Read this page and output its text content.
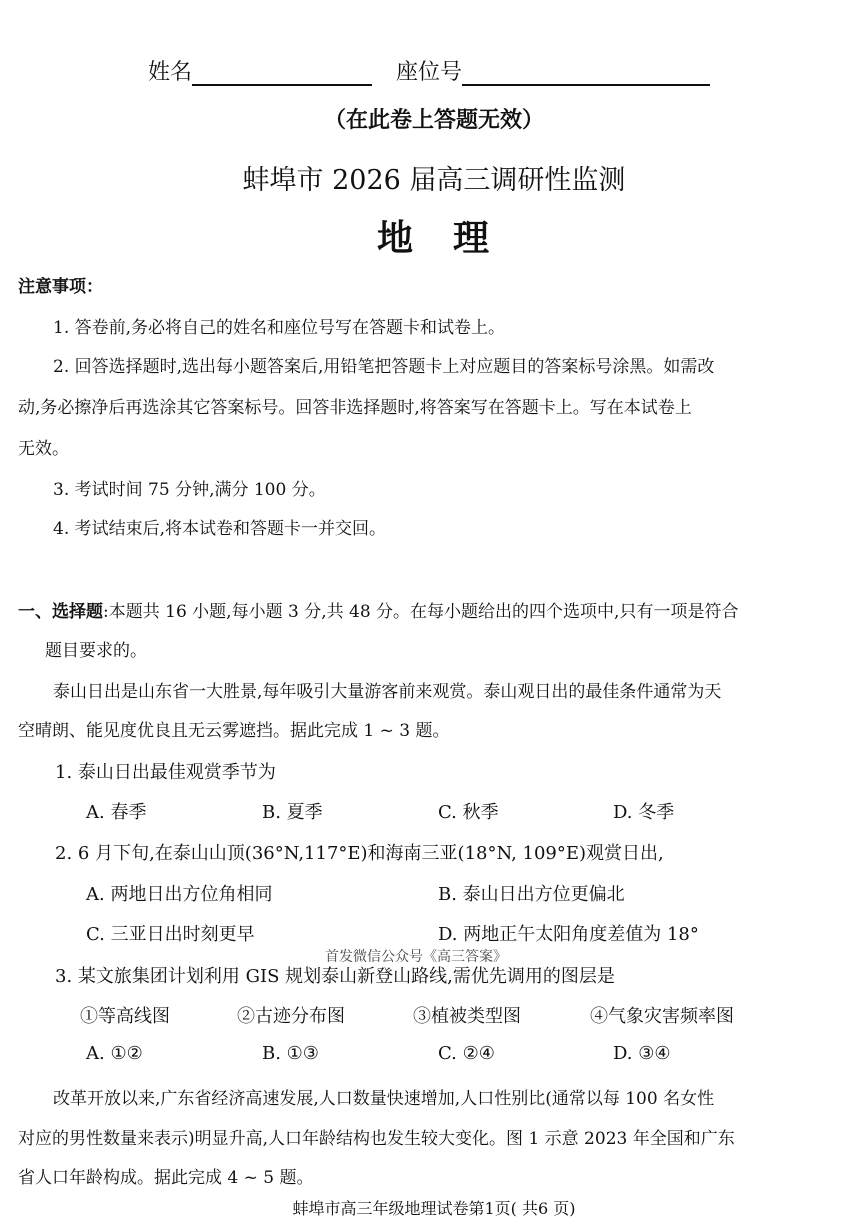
姓名	座位号
（在此卷上答题无效）
蚌埠市 2026 届高三调研性监测
地　理
注意事项：
1. 答卷前,务必将自己的姓名和座位号写在答题卡和试卷上。
2. 回答选择题时,选出每小题答案后,用铅笔把答题卡上对应题目的答案标号涂黑。如需改
动,务必擦净后再选涂其它答案标号。回答非选择题时,将答案写在答题卡上。写在本试卷上
无效。
3. 考试时间 75 分钟,满分 100 分。
4. 考试结束后,将本试卷和答题卡一并交回。
一、选择题:本题共 16 小题,每小题 3 分,共 48 分。在每小题给出的四个选项中,只有一项是符合
题目要求的。
泰山日出是山东省一大胜景,每年吸引大量游客前来观赏。泰山观日出的最佳条件通常为天
空晴朗、能见度优良且无云雾遮挡。据此完成 1 ~ 3 题。
1. 泰山日出最佳观赏季节为
A. 春季	B. 夏季	C. 秋季	D. 冬季
2. 6 月下旬,在泰山山顶(36°N,117°E)和海南三亚(18°N, 109°E)观赏日出,
A. 两地日出方位角相同	B. 泰山日出方位更偏北
C. 三亚日出时刻更早	D. 两地正午太阳角度差值为 18°
首发微信公众号《高三答案》
3. 某文旅集团计划利用 GIS 规划泰山新登山路线,需优先调用的图层是
①等高线图	②古迹分布图	③植被类型图	④气象灾害频率图
A. ①②	B. ①③	C. ②④	D. ③④
改革开放以来,广东省经济高速发展,人口数量快速增加,人口性别比(通常以每 100 名女性
对应的男性数量来表示)明显升高,人口年龄结构也发生较大变化。图 1 示意 2023 年全国和广东
省人口年龄构成。据此完成 4 ~ 5 题。
蚌埠市高三年级地理试卷第1页( 共6 页)
